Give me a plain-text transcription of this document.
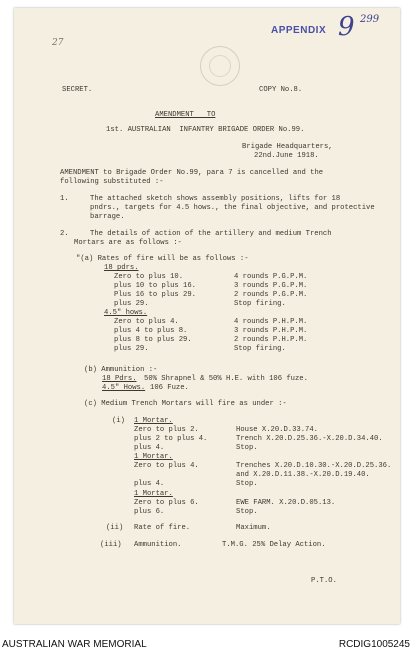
27
APPENDIX 9 299
SECRET.	COPY No.8.
AMENDMENT   TO
1st. AUSTRALIAN  INFANTRY BRIGADE ORDER No.99.
Brigade Headquarters,
22nd.June 1918.
AMENDMENT to Brigade Order No.99, para 7 is cancelled and the
following substituted :-
1.	The attached sketch shows assembly positions, lifts for 18
pndrs., targets for 4.5 hows., the final objective, and protective
barrage.
2.	The details of action of the artillery and medium Trench
Mortars are as follows :-
"(a) Rates of fire will be as follows :-
18 pdrs.
4.5" hows.
(b) Ammunition :-
18 Pdrs. 50% Shrapnel & 50% H.E. with 106 fuze.
4.5" Hows. 106 Fuze.
(c) Medium Trench Mortars will fire as under :-
(i)
(ii) Rate of fire.	Maximum.
(iii) Ammunition.	T.M.G. 25% Delay Action.
P.T.O.
Zero to plus 10.	4 rounds P.G.P.M.
plus 10 to plus 16.	3 rounds P.G.P.M.
Plus 16 to plus 29.	2 rounds P.G.P.M.
plus 29.	Stop firing.
Zero to plus 4.	4 rounds P.H.P.M.
plus 4 to plus 8.	3 rounds P.H.P.M.
plus 8 to plus 29.	2 rounds P.H.P.M.
plus 29.	Stop firing.
1 Mortar.
Zero to plus 2.	House X.20.D.33.74.
plus 2 to plus 4.	Trench X.20.D.25.36.-X.20.D.34.40.
plus 4.	Stop.
1 Mortar.
Zero to plus 4.	Trenches X.20.D.10.30.-X.20.D.25.36.
and X.20.D.11.38.-X.20.D.19.40.
plus 4.	Stop.
1 Mortar.
Zero to plus 6.	EWE FARM. X.20.D.05.13.
plus 6.	Stop.
AUSTRALIAN WAR MEMORIAL	RCDIG1005245
